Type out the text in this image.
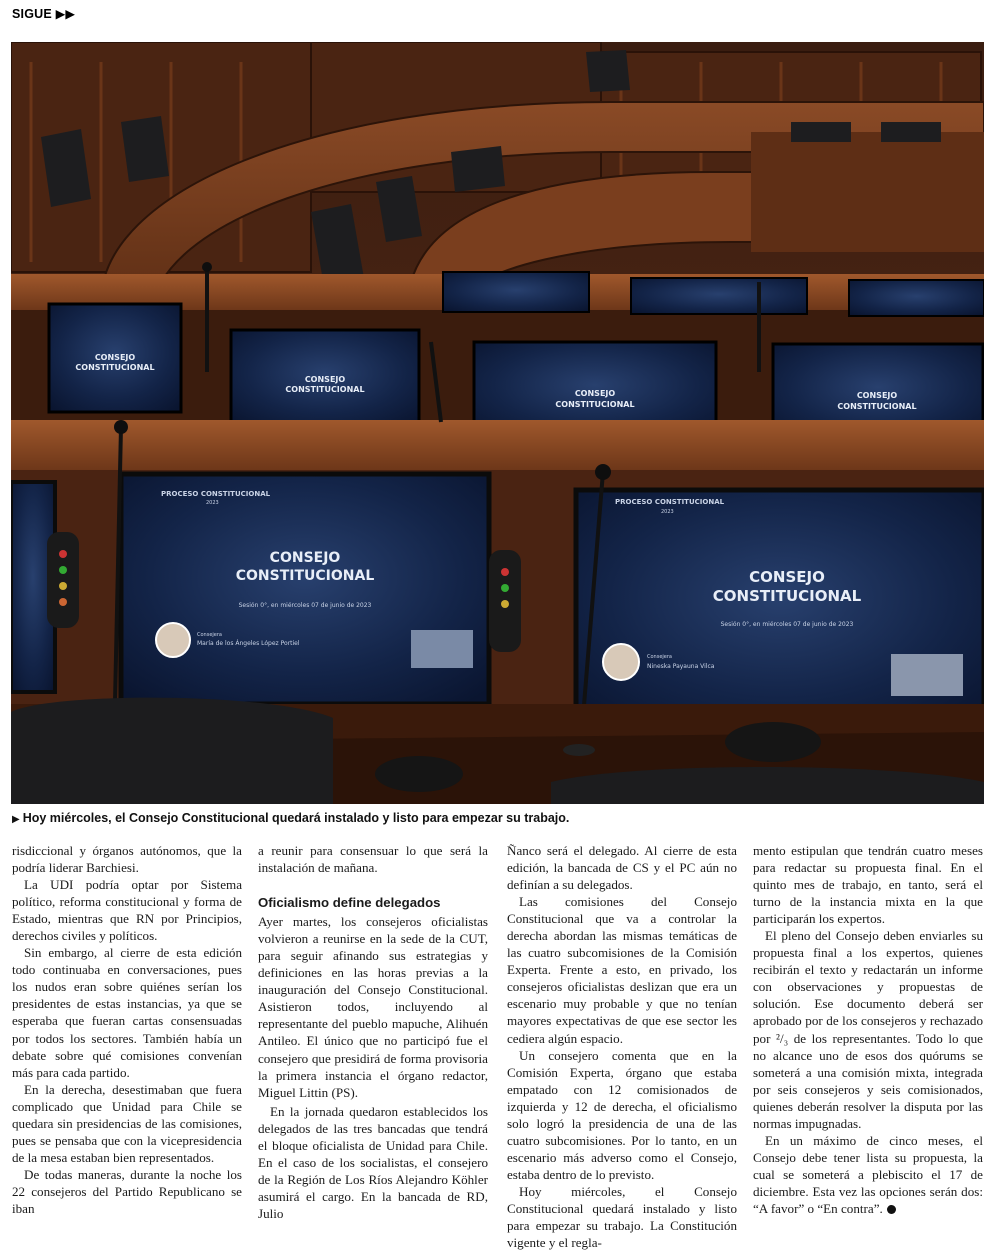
SIGUE ▶▶
CONSEJO
CONSTITUCIONAL
CONSEJO
CONSTITUCIONAL	CONSEJO
CONSTITUCIONAL
CONSEJO
CONSTITUCIONAL
PROCESO CONSTITUCIONAL
2023
CONSEJO
CONSTITUCIONAL
Sesión 0°, en miércoles 07 de junio de 2023
Consejera
María de los Ángeles López Portiel
PROCESO CONSTITUCIONAL
2023
CONSEJO
CONSTITUCIONAL
Sesión 0°, en miércoles 07 de junio de 2023
Consejera
Nineska Payauna Vilca
▶ Hoy miércoles, el Consejo Constitucional quedará instalado y listo para empezar su trabajo.

risdiccional y órganos autónomos, que la podría liderar Barchiesi.

La UDI podría optar por Sistema político, reforma constitucional y forma de Estado, mientras que RN por Principios, derechos civiles y políticos.

Sin embargo, al cierre de esta edición todo continuaba en conversaciones, pues los nudos eran sobre quiénes serían los presidentes de estas instancias, ya que se esperaba que fueran cartas consensuadas por todos los sectores. También había un debate sobre qué comisiones convenían más para cada partido.

En la derecha, desestimaban que fuera complicado que Unidad para Chile se quedara sin presidencias de las comisiones, pues se pensaba que con la vicepresidencia de la mesa estaban bien representados.

De todas maneras, durante la noche los 22 consejeros del Partido Republicano se iban

a reunir para consensuar lo que será la instalación de mañana.

Oficialismo define delegados

Ayer martes, los consejeros oficialistas volvieron a reunirse en la sede de la CUT, para seguir afinando sus estrategias y definiciones en las horas previas a la inauguración del Consejo Constitucional. Asistieron todos, incluyendo al representante del pueblo mapuche, Alihuén Antileo. El único que no participó fue el consejero que presidirá de forma provisoria la primera instancia el órgano redactor, Miguel Littin (PS).

En la jornada quedaron establecidos los delegados de las tres bancadas que tendrá el bloque oficialista de Unidad para Chile. En el caso de los socialistas, el consejero de la Región de Los Ríos Alejandro Köhler asumirá el cargo. En la bancada de RD, Julio

Ñanco será el delegado. Al cierre de esta edición, la bancada de CS y el PC aún no definían a su delegados.

Las comisiones del Consejo Constitucional que va a controlar la derecha abordan las mismas temáticas de las cuatro subcomisiones de la Comisión Experta. Frente a esto, en privado, los consejeros oficialistas deslizan que era un escenario muy probable y que no tenían mayores expectativas de que ese sector les cediera algún espacio.

Un consejero comenta que en la Comisión Experta, órgano que estaba empatado con 12 comisionados de izquierda y 12 de derecha, el oficialismo solo logró la presidencia de una de las cuatro subcomisiones. Por lo tanto, en un escenario más adverso como el Consejo, estaba dentro de lo previsto.

Hoy miércoles, el Consejo Constitucional quedará instalado y listo para empezar su trabajo. La Constitución vigente y el regla-

mento estipulan que tendrán cuatro meses para redactar su propuesta final. En el quinto mes de trabajo, en tanto, será el turno de la instancia mixta en la que participarán los expertos.

El pleno del Consejo deben enviarles su propuesta final a los expertos, quienes recibirán el texto y redactarán un informe con observaciones y propuestas de solución. Ese documento deberá ser aprobado por de los consejeros y rechazado por ²/₃ de los representantes. Todo lo que no alcance uno de esos dos quórums se someterá a una comisión mixta, integrada por seis consejeros y seis comisionados, quienes deberán resolver la disputa por las normas impugnadas.

En un máximo de cinco meses, el Consejo debe tener lista su propuesta, la cual se someterá a plebiscito el 17 de diciembre. Esta vez las opciones serán dos: “A favor” o “En contra”.
